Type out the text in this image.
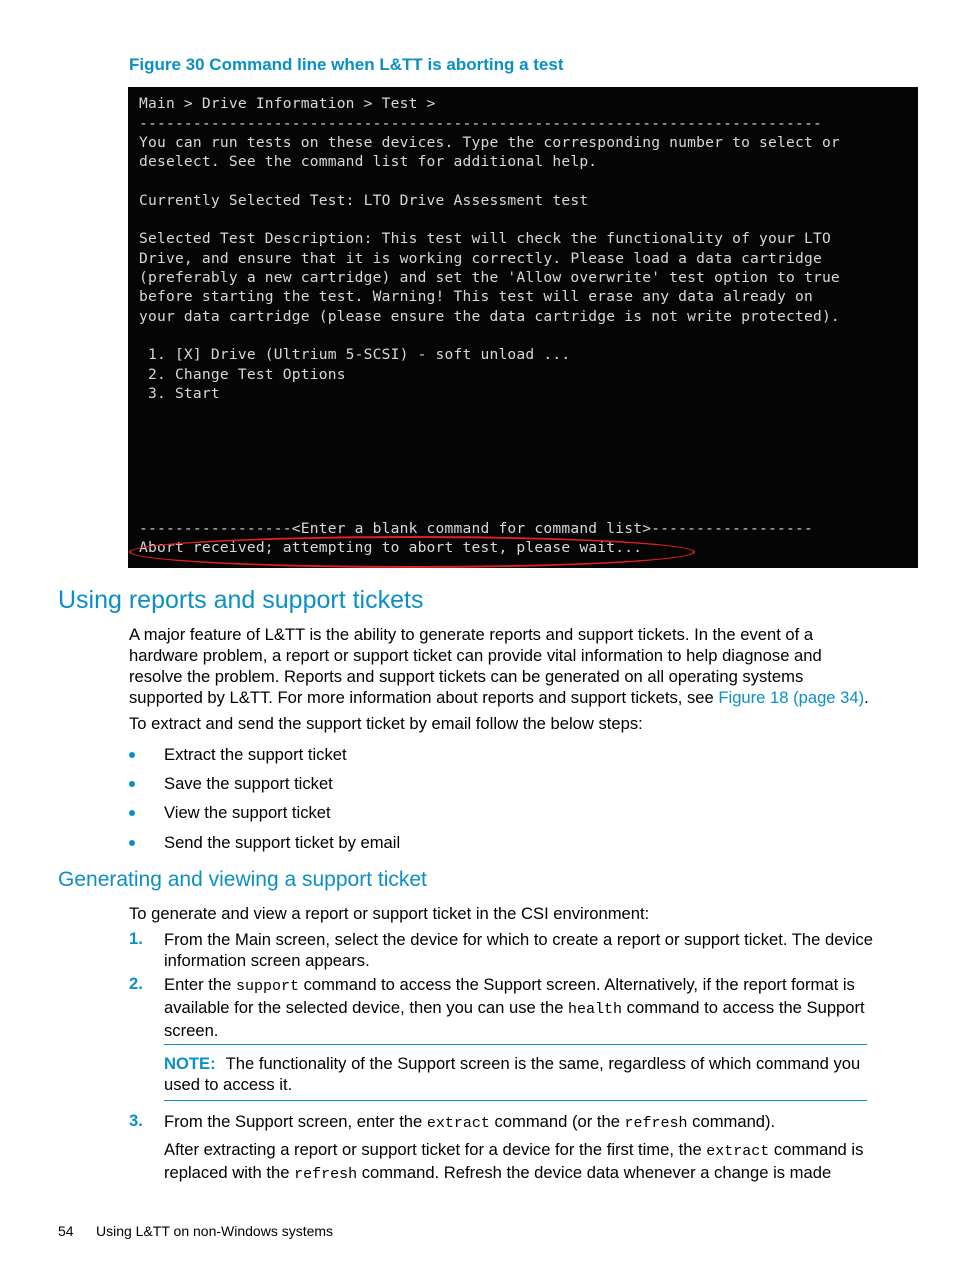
Figure 30 Command line when L&TT is aborting a test
Main > Drive Information > Test >
----------------------------------------------------------------------------
You can run tests on these devices. Type the corresponding number to select or
deselect. See the command list for additional help.
Currently Selected Test: LTO Drive Assessment test
Selected Test Description: This test will check the functionality of your LTO
Drive, and ensure that it is working correctly. Please load a data cartridge
(preferably a new cartridge) and set the 'Allow overwrite' test option to true
before starting the test. Warning! This test will erase any data already on
your data cartridge (please ensure the data cartridge is not write protected).
1. [X] Drive (Ultrium 5-SCSI) - soft unload ...
2. Change Test Options
3. Start
-----------------<Enter a blank command for command list>------------------
Abort received; attempting to abort test, please wait...
Using reports and support tickets

A major feature of L&TT is the ability to generate reports and support tickets. In the event of a hardware problem, a report or support ticket can provide vital information to help diagnose and resolve the problem. Reports and support tickets can be generated on all operating systems supported by L&TT. For more information about reports and support tickets, see Figure 18 (page 34).

To extract and send the support ticket by email follow the below steps:

Extract the support ticket
Save the support ticket
View the support ticket
Send the support ticket by email
Generating and viewing a support ticket

To generate and view a report or support ticket in the CSI environment:

1. From the Main screen, select the device for which to create a report or support ticket. The device information screen appears.

2. Enter the support command to access the Support screen. Alternatively, if the report format is available for the selected device, then you can use the health command to access the Support screen.

NOTE: The functionality of the Support screen is the same, regardless of which command you used to access it.

3. From the Support screen, enter the extract command (or the refresh command).

After extracting a report or support ticket for a device for the first time, the extract command is replaced with the refresh command. Refresh the device data whenever a change is made

54 Using L&TT on non-Windows systems
